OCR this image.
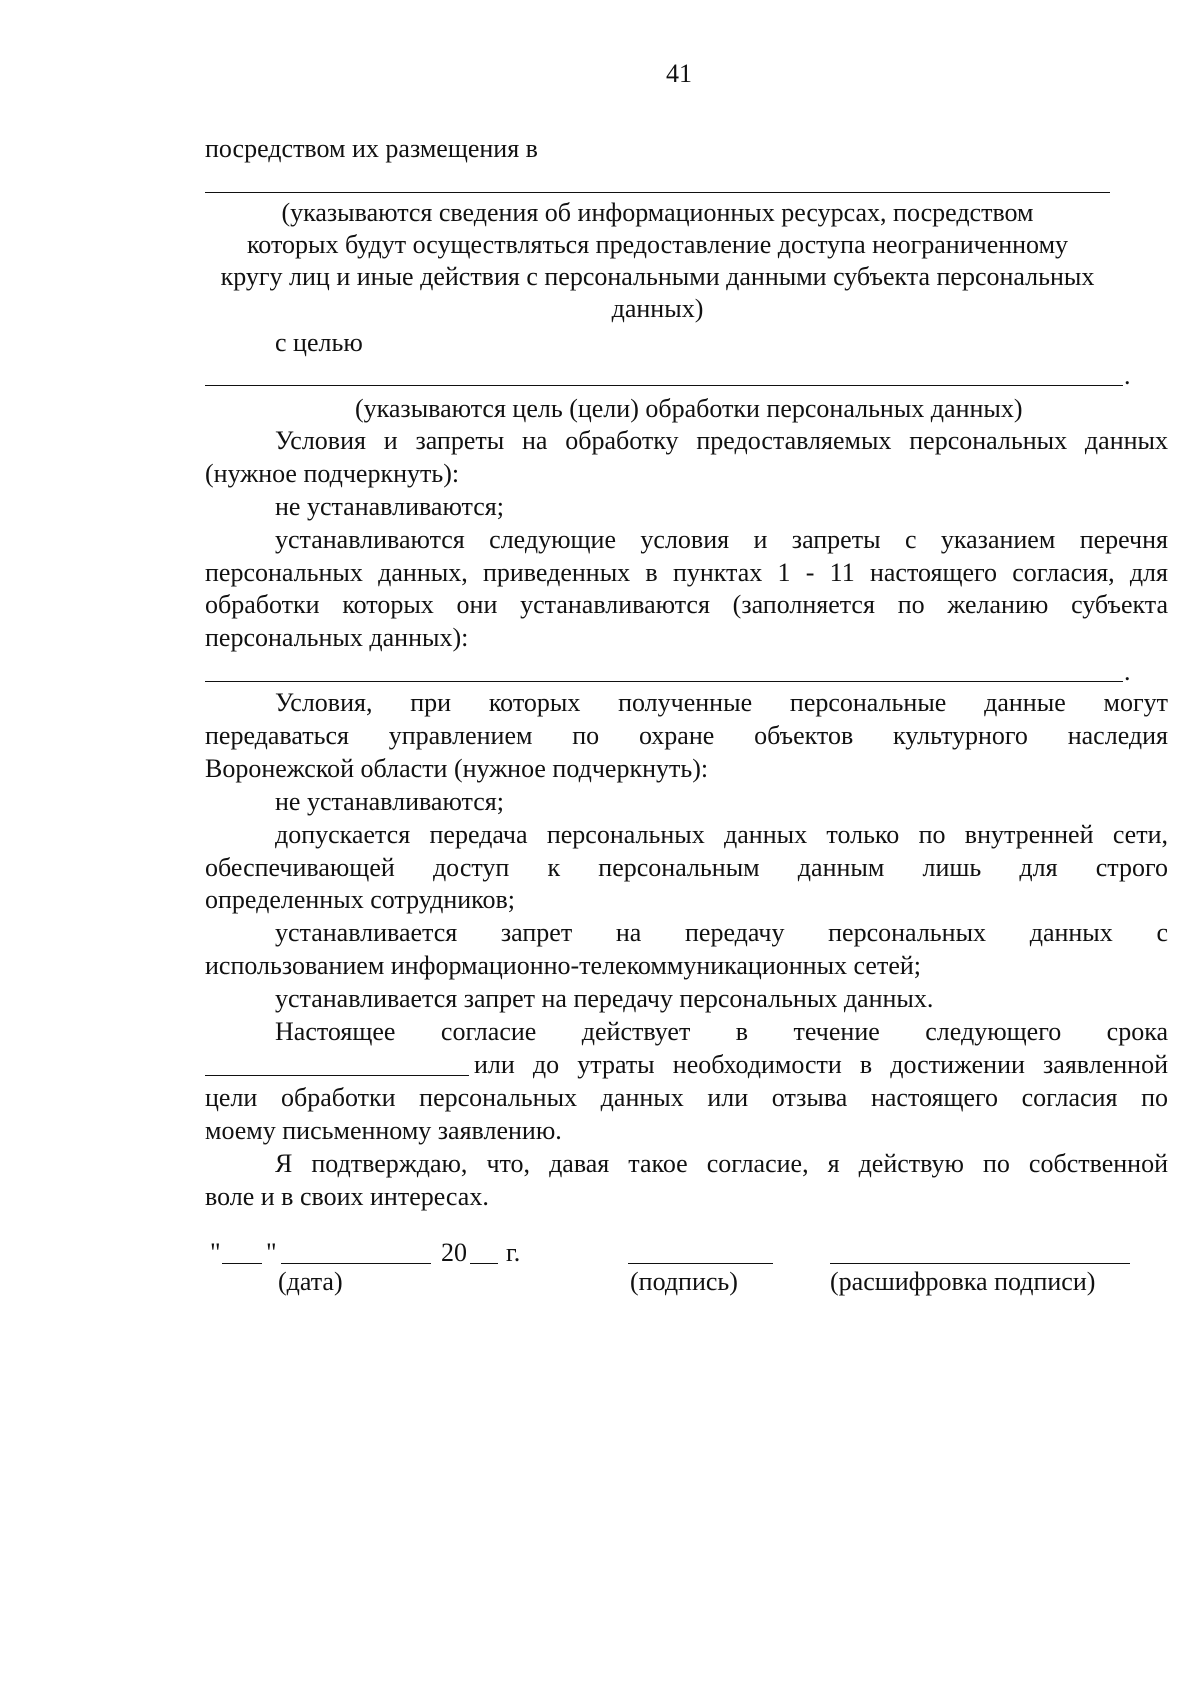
41
посредством их размещения в
(указываются сведения об информационных ресурсах, посредством
которых будут осуществляться предоставление доступа неограниченному
кругу лиц и иные действия с персональными данными субъекта персональных
данных)
с целью
.
(указываются цель (цели) обработки персональных данных)
Условия и запреты на обработку предоставляемых персональных данных
(нужное подчеркнуть):
не устанавливаются;
устанавливаются следующие условия и запреты с указанием перечня
персональных данных, приведенных в пунктах 1 - 11 настоящего согласия, для
обработки которых они устанавливаются (заполняется по желанию субъекта
персональных данных):
.
Условия, при которых полученные персональные данные могут
передаваться управлением по охране объектов культурного наследия
Воронежской области (нужное подчеркнуть):
не устанавливаются;
допускается передача персональных данных только по внутренней сети,
обеспечивающей доступ к персональным данным лишь для строго
определенных сотрудников;
устанавливается запрет на передачу персональных данных с
использованием информационно-телекоммуникационных сетей;
устанавливается запрет на передачу персональных данных.
Настоящее согласие действует в течение следующего срока
или до утраты необходимости в достижении заявленной
цели обработки персональных данных или отзыва настоящего согласия по
моему письменному заявлению.
Я подтверждаю, что, давая такое согласие, я действую по собственной
воле и в своих интересах.
" "	20 г.
(дата)	(подпись)	(расшифровка подписи)
